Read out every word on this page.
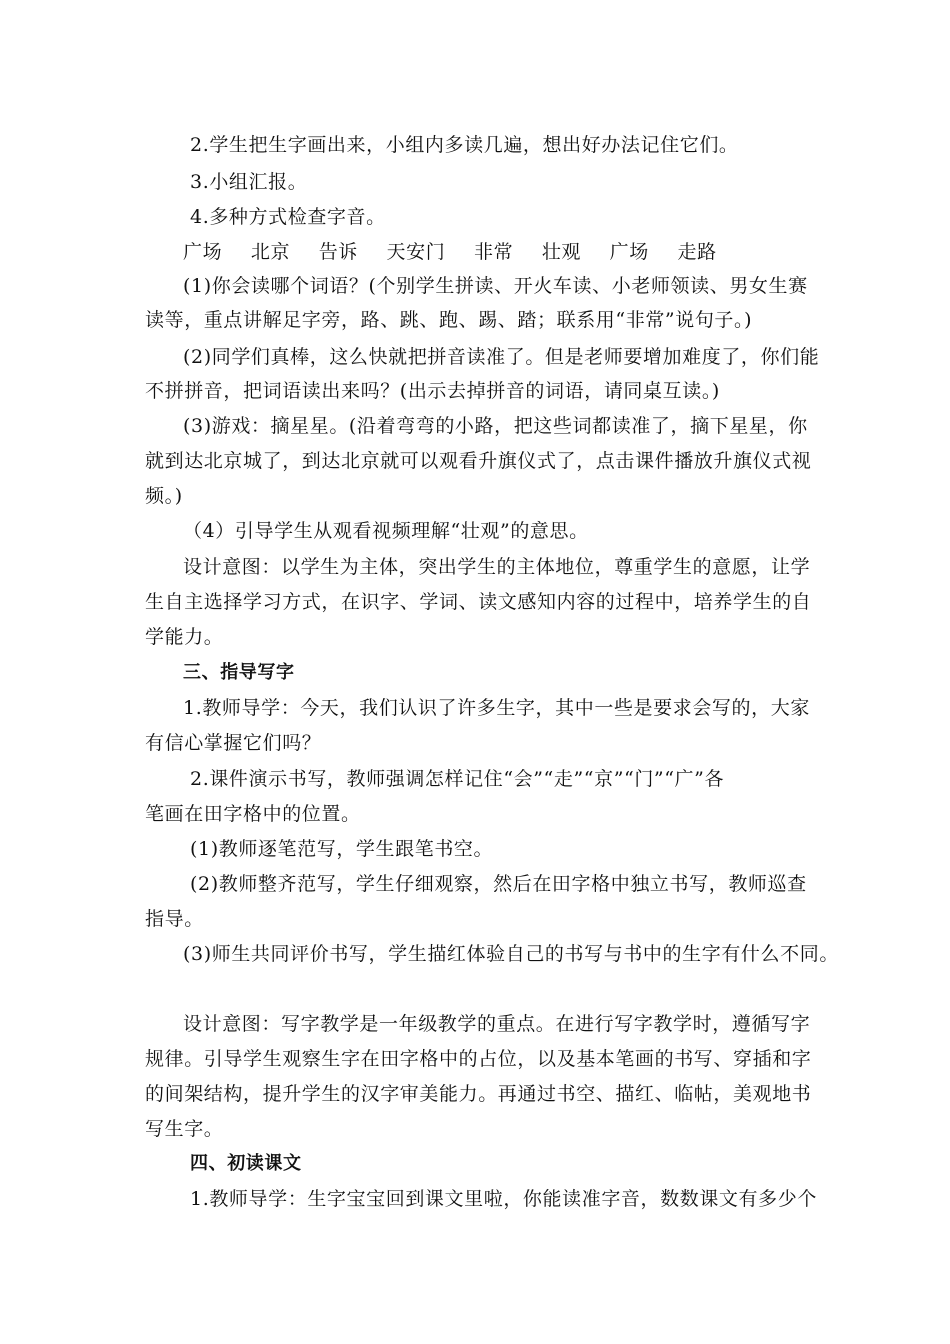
2.学生把生字画出来，小组内多读几遍，想出好办法记住它们。
3.小组汇报。
4.多种方式检查字音。
广场 北京 告诉 天安门 非常 壮观 广场 走路
(1)你会读哪个词语？(个别学生拼读、开火车读、小老师领读、男女生赛
读等，重点讲解足字旁，路、跳、跑、踢、踏；联系用“非常”说句子。)
(2)同学们真棒，这么快就把拼音读准了。但是老师要增加难度了，你们能
不拼拼音，把词语读出来吗？(出示去掉拼音的词语，请同桌互读。)
(3)游戏：摘星星。(沿着弯弯的小路，把这些词都读准了，摘下星星，你
就到达北京城了，到达北京就可以观看升旗仪式了，点击课件播放升旗仪式视
频。)
（4）引导学生从观看视频理解“壮观”的意思。
设计意图：以学生为主体，突出学生的主体地位，尊重学生的意愿，让学
生自主选择学习方式，在识字、学词、读文感知内容的过程中，培养学生的自
学能力。
三、指导写字
1.教师导学：今天，我们认识了许多生字，其中一些是要求会写的，大家
有信心掌握它们吗？
2.课件演示书写，教师强调怎样记住“会”“走”“京”“门”“广”各
笔画在田字格中的位置。
(1)教师逐笔范写，学生跟笔书空。
(2)教师整齐范写，学生仔细观察，然后在田字格中独立书写，教师巡查
指导。
(3)师生共同评价书写，学生描红体验自己的书写与书中的生字有什么不同。
设计意图：写字教学是一年级教学的重点。在进行写字教学时，遵循写字
规律。引导学生观察生字在田字格中的占位，以及基本笔画的书写、穿插和字
的间架结构，提升学生的汉字审美能力。再通过书空、描红、临帖，美观地书
写生字。
四、初读课文
1.教师导学：生字宝宝回到课文里啦，你能读准字音，数数课文有多少个
